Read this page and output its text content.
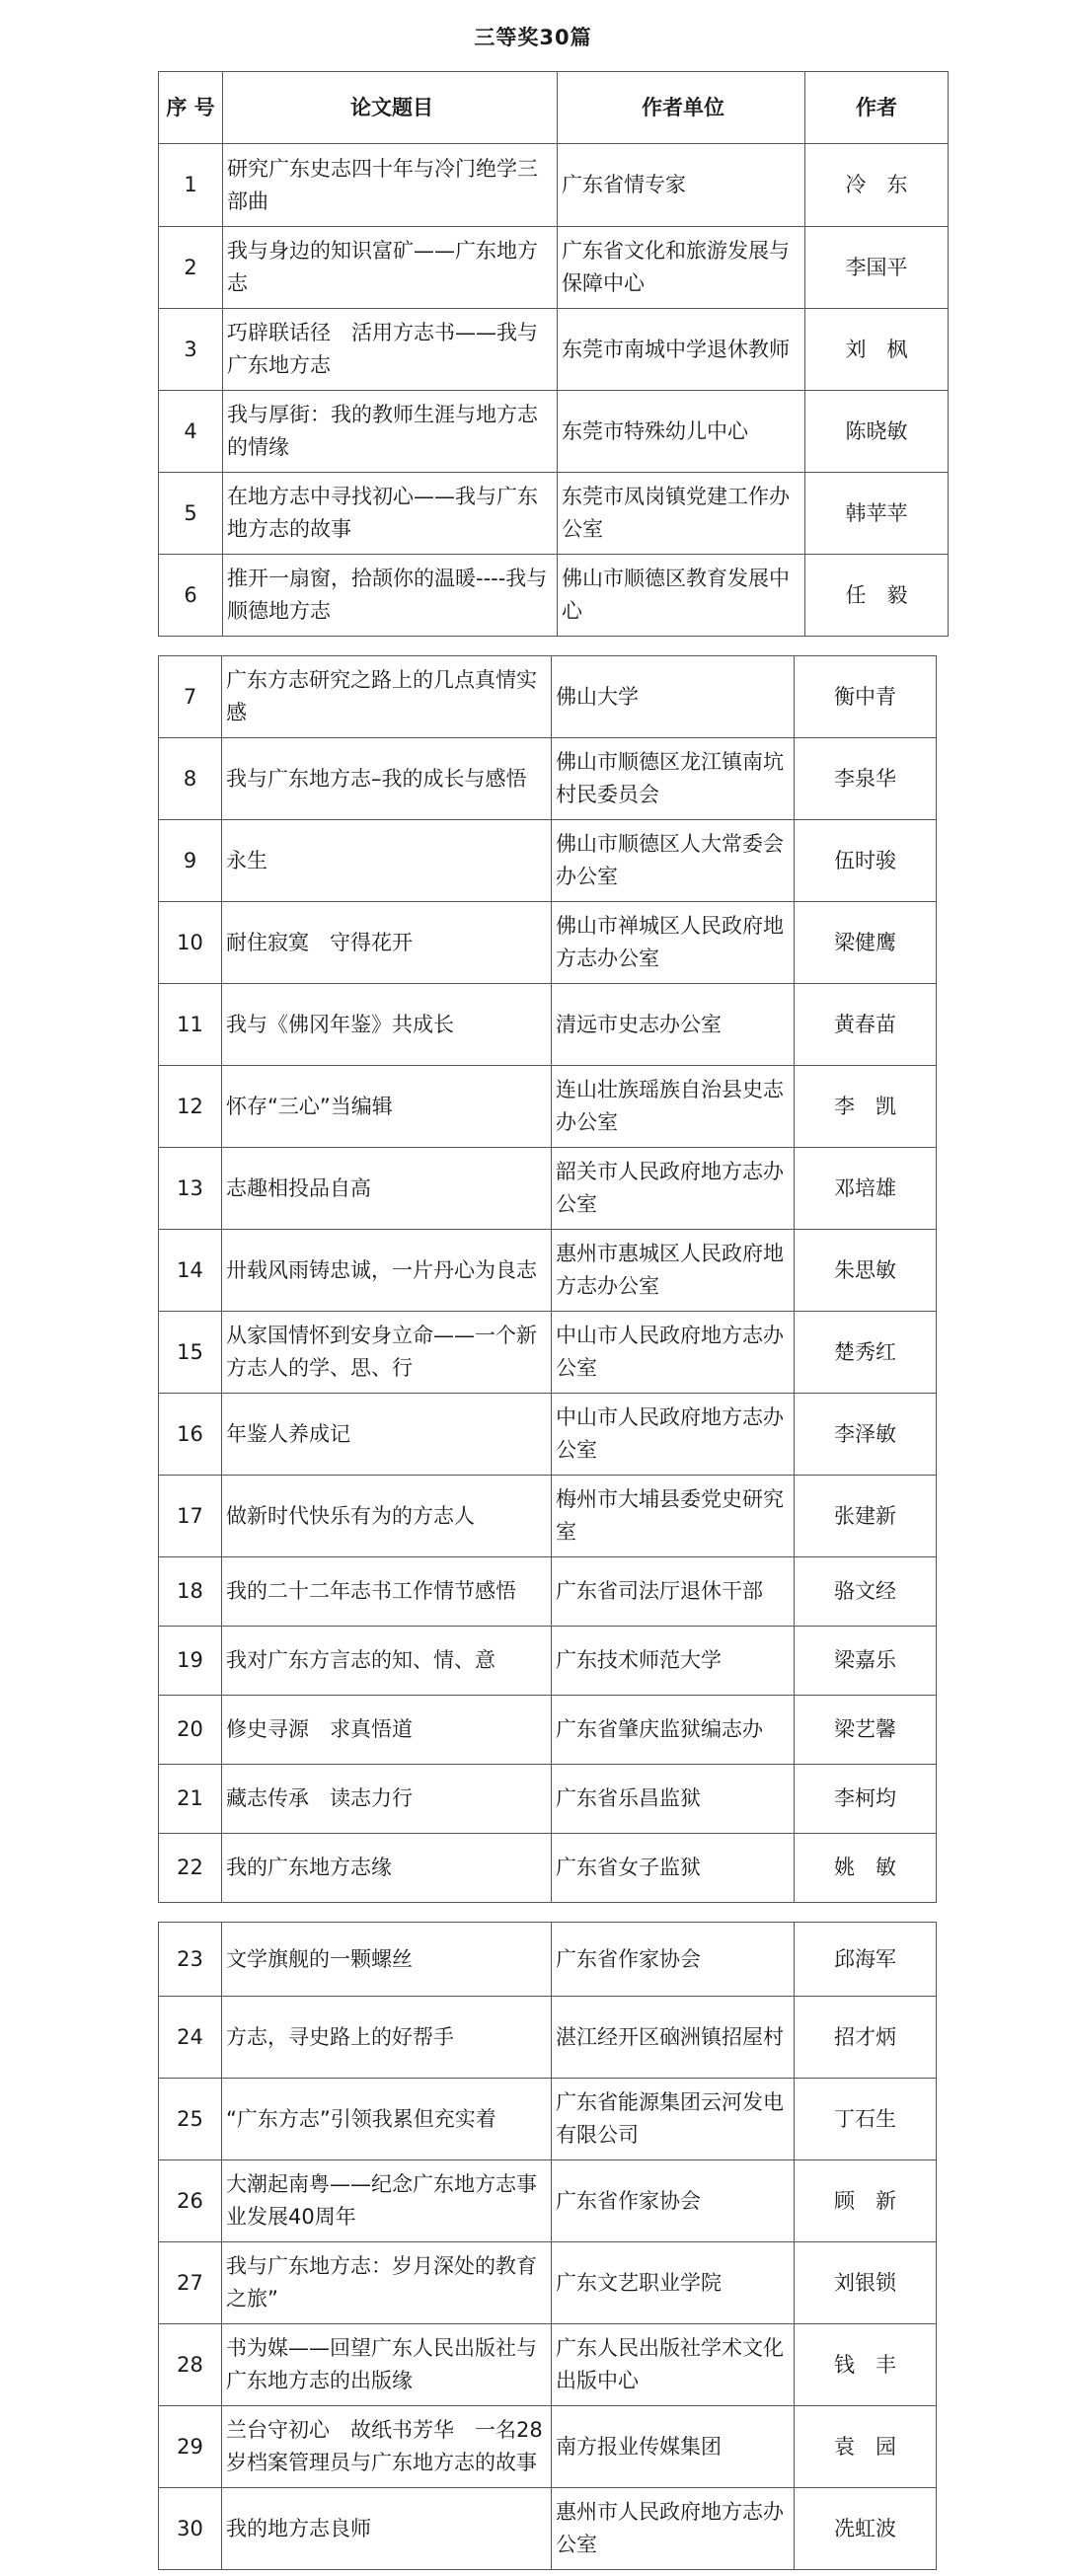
三等奖30篇
序 号	论文题目	作者单位	作者
1	研究广东史志四十年与冷门绝学三部曲	广东省情专家	冷　东
2	我与身边的知识富矿——广东地方志	广东省文化和旅游发展与保障中心	李国平
3	巧辟联话径　活用方志书——我与广东地方志	东莞市南城中学退休教师	刘　枫
4	我与厚街：我的教师生涯与地方志的情缘	东莞市特殊幼儿中心	陈晓敏
5	在地方志中寻找初心——我与广东地方志的故事	东莞市凤岗镇党建工作办公室	韩苹苹
6	推开一扇窗，拾颉你的温暖----我与顺德地方志	佛山市顺德区教育发展中心	任　毅
7	广东方志研究之路上的几点真情实感	佛山大学	衡中青
8	我与广东地方志–我的成长与感悟	佛山市顺德区龙江镇南坑村民委员会	李泉华
9	永生	佛山市顺德区人大常委会办公室	伍时骏
10	耐住寂寞　守得花开	佛山市禅城区人民政府地方志办公室	梁健鹰
11	我与《佛冈年鉴》共成长	清远市史志办公室	黄春苗
12	怀存“三心”当编辑	连山壮族瑶族自治县史志办公室	李　凯
13	志趣相投品自高	韶关市人民政府地方志办公室	邓培雄
14	卅载风雨铸忠诚，一片丹心为良志	惠州市惠城区人民政府地方志办公室	朱思敏
15	从家国情怀到安身立命——一个新方志人的学、思、行	中山市人民政府地方志办公室	楚秀红
16	年鉴人养成记	中山市人民政府地方志办公室	李泽敏
17	做新时代快乐有为的方志人	梅州市大埔县委党史研究室	张建新
18	我的二十二年志书工作情节感悟	广东省司法厅退休干部	骆文经
19	我对广东方言志的知、情、意	广东技术师范大学	梁嘉乐
20	修史寻源　求真悟道	广东省肇庆监狱编志办	梁艺馨
21	藏志传承　读志力行	广东省乐昌监狱	李柯均
22	我的广东地方志缘	广东省女子监狱	姚　敏
23	文学旗舰的一颗螺丝	广东省作家协会	邱海军
24	方志，寻史路上的好帮手	湛江经开区硇洲镇招屋村	招才炳
25	“广东方志”引领我累但充实着	广东省能源集团云河发电有限公司	丁石生
26	大潮起南粤——纪念广东地方志事业发展40周年	广东省作家协会	顾　新
27	我与广东地方志：岁月深处的教育之旅”	广东文艺职业学院	刘银锁
28	书为媒——回望广东人民出版社与广东地方志的出版缘	广东人民出版社学术文化出版中心	钱　丰
29	兰台守初心　故纸书芳华　一名28岁档案管理员与广东地方志的故事	南方报业传媒集团	袁　园
30	我的地方志良师	惠州市人民政府地方志办公室	冼虹波
